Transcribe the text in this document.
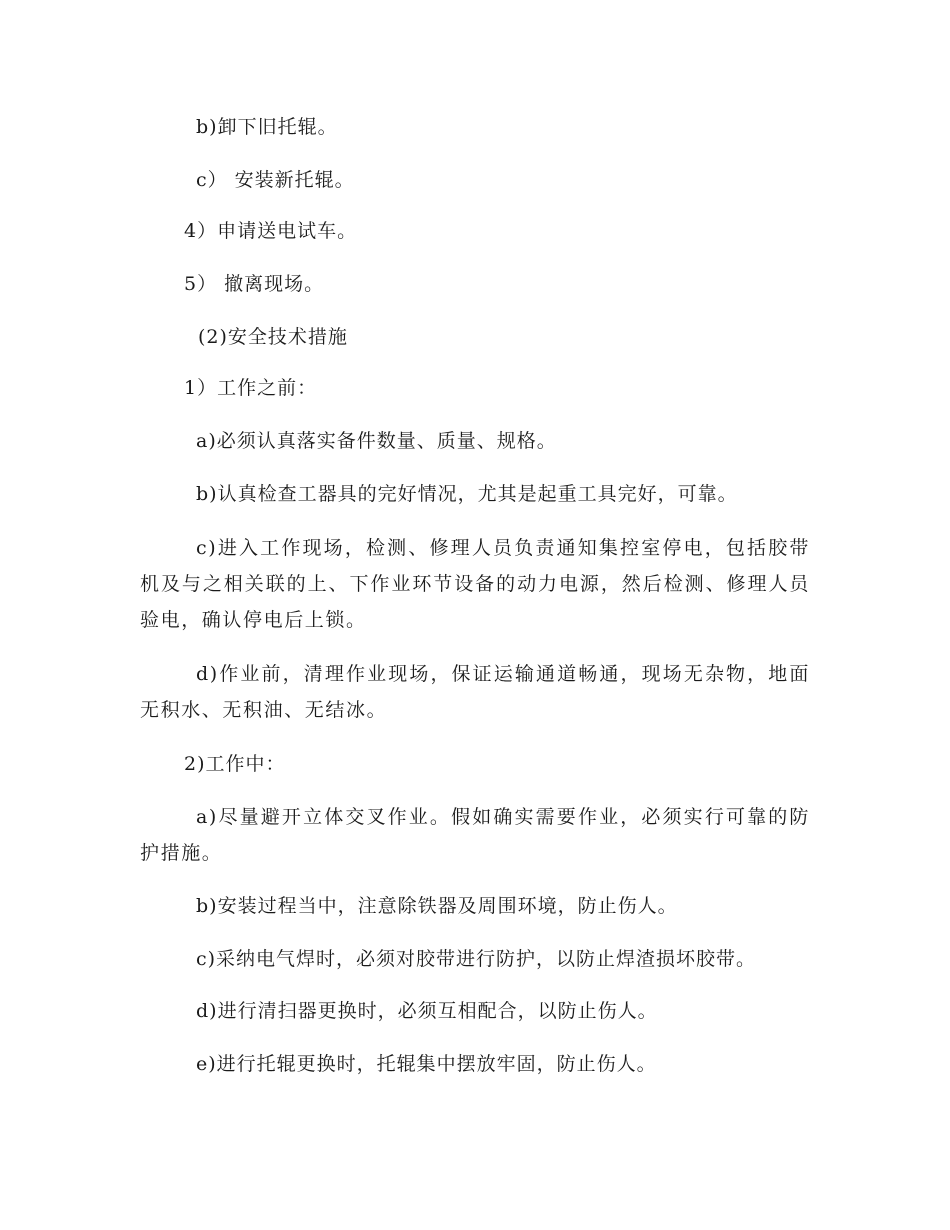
b)卸下旧托辊。
c） 安装新托辊。
4）申请送电试车。
5） 撤离现场。
(2)安全技术措施
1）工作之前：
a)必须认真落实备件数量、质量、规格。
b)认真检查工器具的完好情况，尤其是起重工具完好，可靠。
c)进入工作现场，检测、修理人员负责通知集控室停电，包括胶带机及与之相关联的上、下作业环节设备的动力电源，然后检测、修理人员验电，确认停电后上锁。
d)作业前，清理作业现场，保证运输通道畅通，现场无杂物，地面无积水、无积油、无结冰。
2)工作中：
a)尽量避开立体交叉作业。假如确实需要作业，必须实行可靠的防护措施。
b)安装过程当中，注意除铁器及周围环境，防止伤人。
c)采纳电气焊时，必须对胶带进行防护，以防止焊渣损坏胶带。
d)进行清扫器更换时，必须互相配合，以防止伤人。
e)进行托辊更换时，托辊集中摆放牢固，防止伤人。
